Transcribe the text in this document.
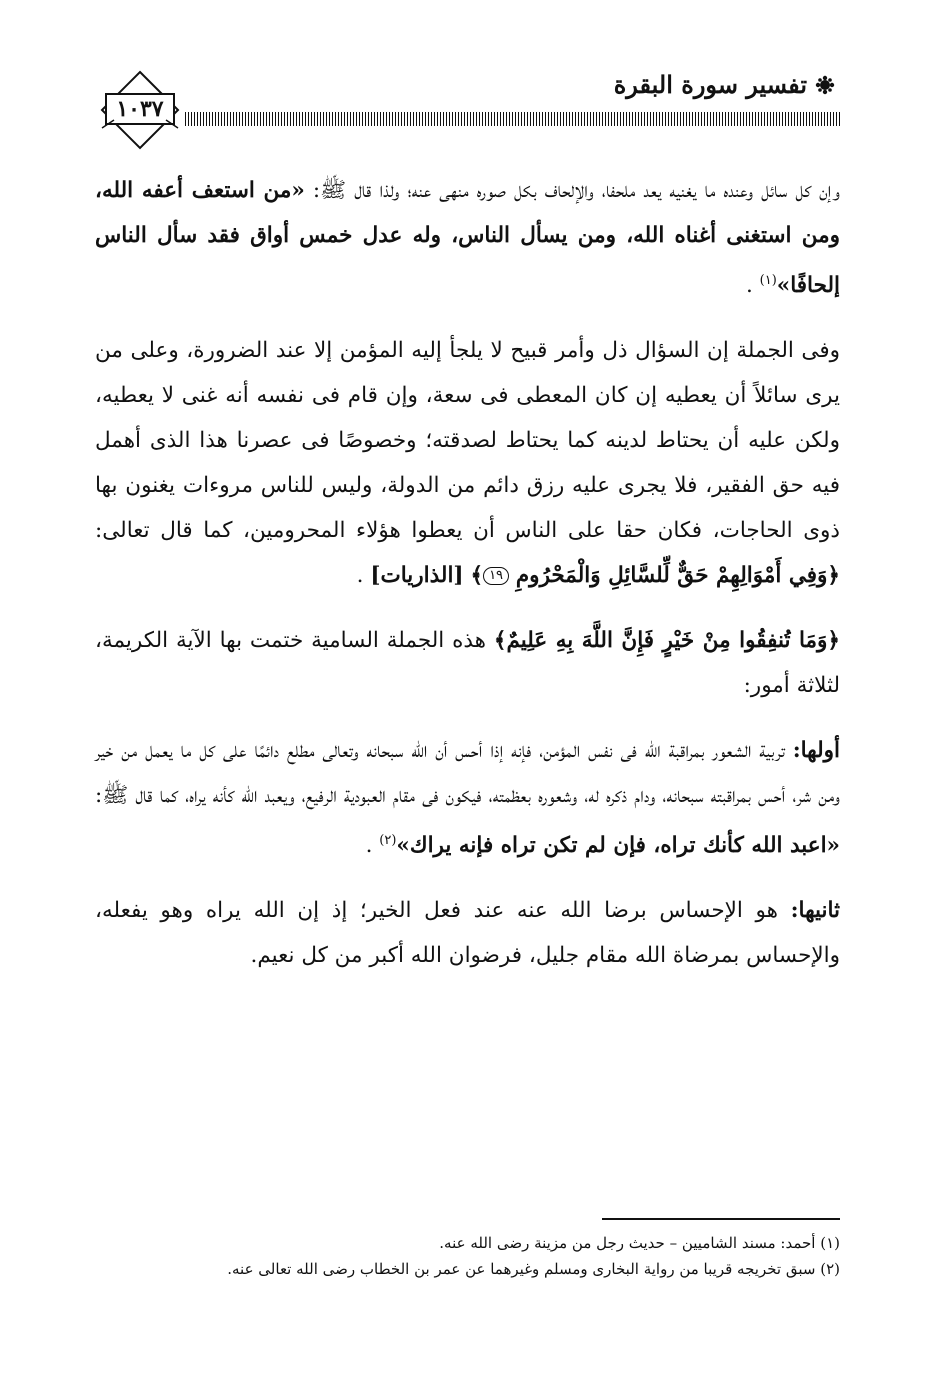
تفسير سورة البقرة
١٠٣٧

وإن كل سائل وعنده ما يغنيه يعد ملحفا، والإلحاف بكل صوره منهى عنه؛ ولذا قال ﷺ: «من استعف أعفه الله، ومن استغنى أغناه الله، ومن يسأل الناس، وله عدل خمس أواق فقد سأل الناس إلحافًا»$^{(١)}$ .

وفى الجملة إن السؤال ذل وأمر قبيح لا يلجأ إليه المؤمن إلا عند الضرورة، وعلى من يرى سائلاً أن يعطيه إن كان المعطى فى سعة، وإن قام فى نفسه أنه غنى لا يعطيه، ولكن عليه أن يحتاط لدينه كما يحتاط لصدقته؛ وخصوصًا فى عصرنا هذا الذى أهمل فيه حق الفقير، فلا يجرى عليه رزق دائم من الدولة، وليس للناس مروءات يغنون بها ذوى الحاجات، فكان حقا على الناس أن يعطوا هؤلاء المحرومين، كما قال تعالى: ﴿وَفِي أَمْوَالِهِمْ حَقٌّ لِّلسَّائِلِ وَالْمَحْرُومِ ١٩﴾ [الذاريات] .

﴿وَمَا تُنفِقُوا مِنْ خَيْرٍ فَإِنَّ اللَّهَ بِهِ عَلِيمٌ﴾ هذه الجملة السامية ختمت بها الآية الكريمة، لثلاثة أمور:

أولها: تربية الشعور بمراقبة الله فى نفس المؤمن، فإنه إذا أحس أن الله سبحانه وتعالى مطلع دائمًا على كل ما يعمل من خير ومن شر، أحس بمراقبته سبحانه، ودام ذكره له، وشعوره بعظمته، فيكون فى مقام العبودية الرفيع، ويعبد الله كأنه يراه، كما قال ﷺ: «اعبد الله كأنك تراه، فإن لم تكن تراه فإنه يراك»$^{(٢)}$ .

ثانيها: هو الإحساس برضا الله عنه عند فعل الخير؛ إذ إن الله يراه وهو يفعله، والإحساس بمرضاة الله مقام جليل، فرضوان الله أكبر من كل نعيم.

(١) أحمد: مسند الشاميين – حديث رجل من مزينة رضى الله عنه.

(٢) سبق تخريجه قريبا من رواية البخارى ومسلم وغيرهما عن عمر بن الخطاب رضى الله تعالى عنه.
